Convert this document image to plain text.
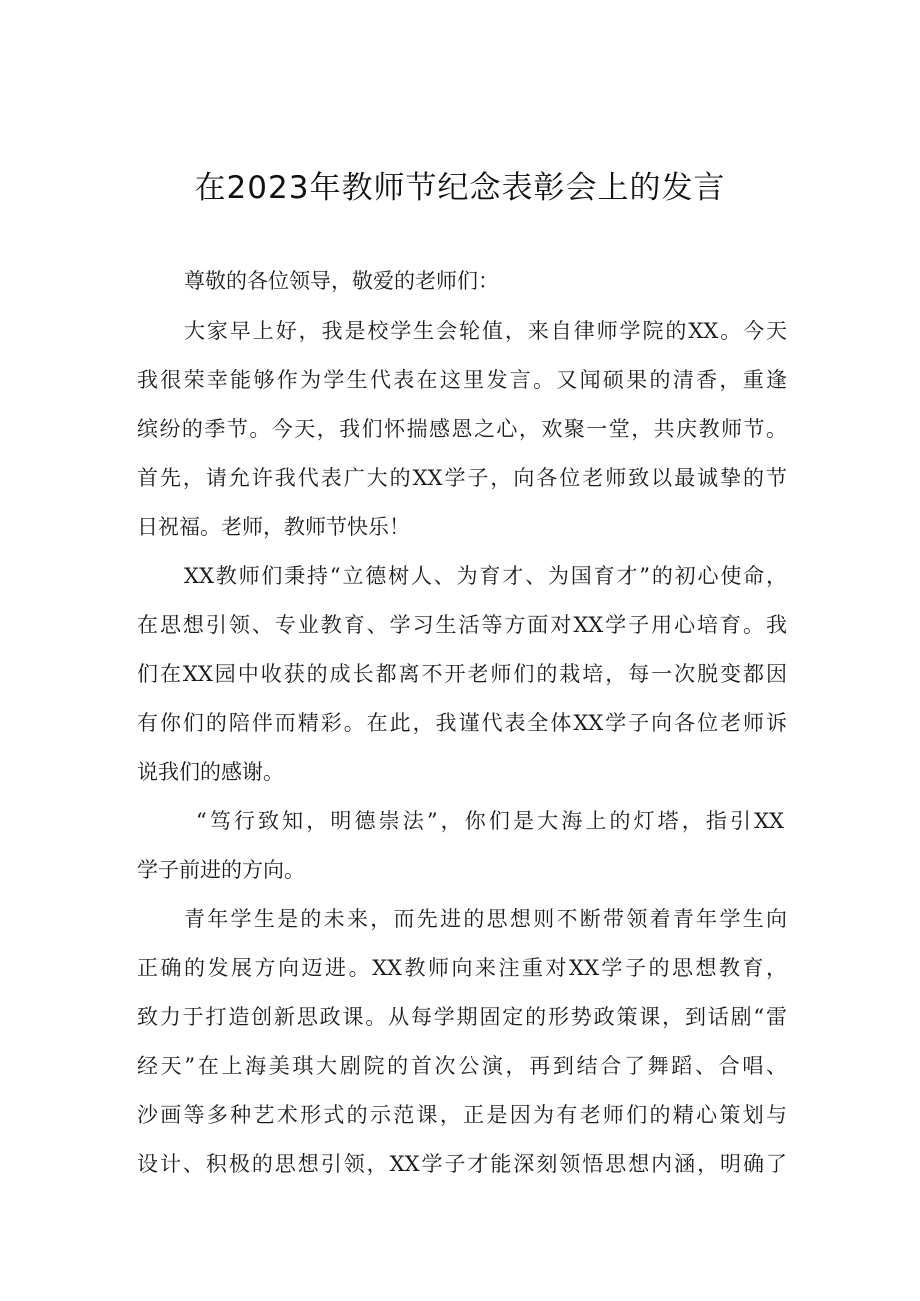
在2023年教师节纪念表彰会上的发言

尊敬的各位领导，敬爱的老师们：

大家早上好，我是校学生会轮值，来自律师学院的XX。今天

我很荣幸能够作为学生代表在这里发言。又闻硕果的清香，重逢

缤纷的季节。今天，我们怀揣感恩之心，欢聚一堂，共庆教师节。

首先，请允许我代表广大的XX学子，向各位老师致以最诚挚的节

日祝福。老师，教师节快乐！

XX教师们秉持“立德树人、为育才、为国育才”的初心使命，

在思想引领、专业教育、学习生活等方面对XX学子用心培育。我

们在XX园中收获的成长都离不开老师们的栽培，每一次脱变都因

有你们的陪伴而精彩。在此，我谨代表全体XX学子向各位老师诉

说我们的感谢。

“笃行致知，明德崇法”，你们是大海上的灯塔，指引XX

学子前进的方向。

青年学生是的未来，而先进的思想则不断带领着青年学生向

正确的发展方向迈进。XX教师向来注重对XX学子的思想教育，

致力于打造创新思政课。从每学期固定的形势政策课，到话剧“雷

经天”在上海美琪大剧院的首次公演，再到结合了舞蹈、合唱、

沙画等多种艺术形式的示范课，正是因为有老师们的精心策划与

设计、积极的思想引领，XX学子才能深刻领悟思想内涵，明确了
